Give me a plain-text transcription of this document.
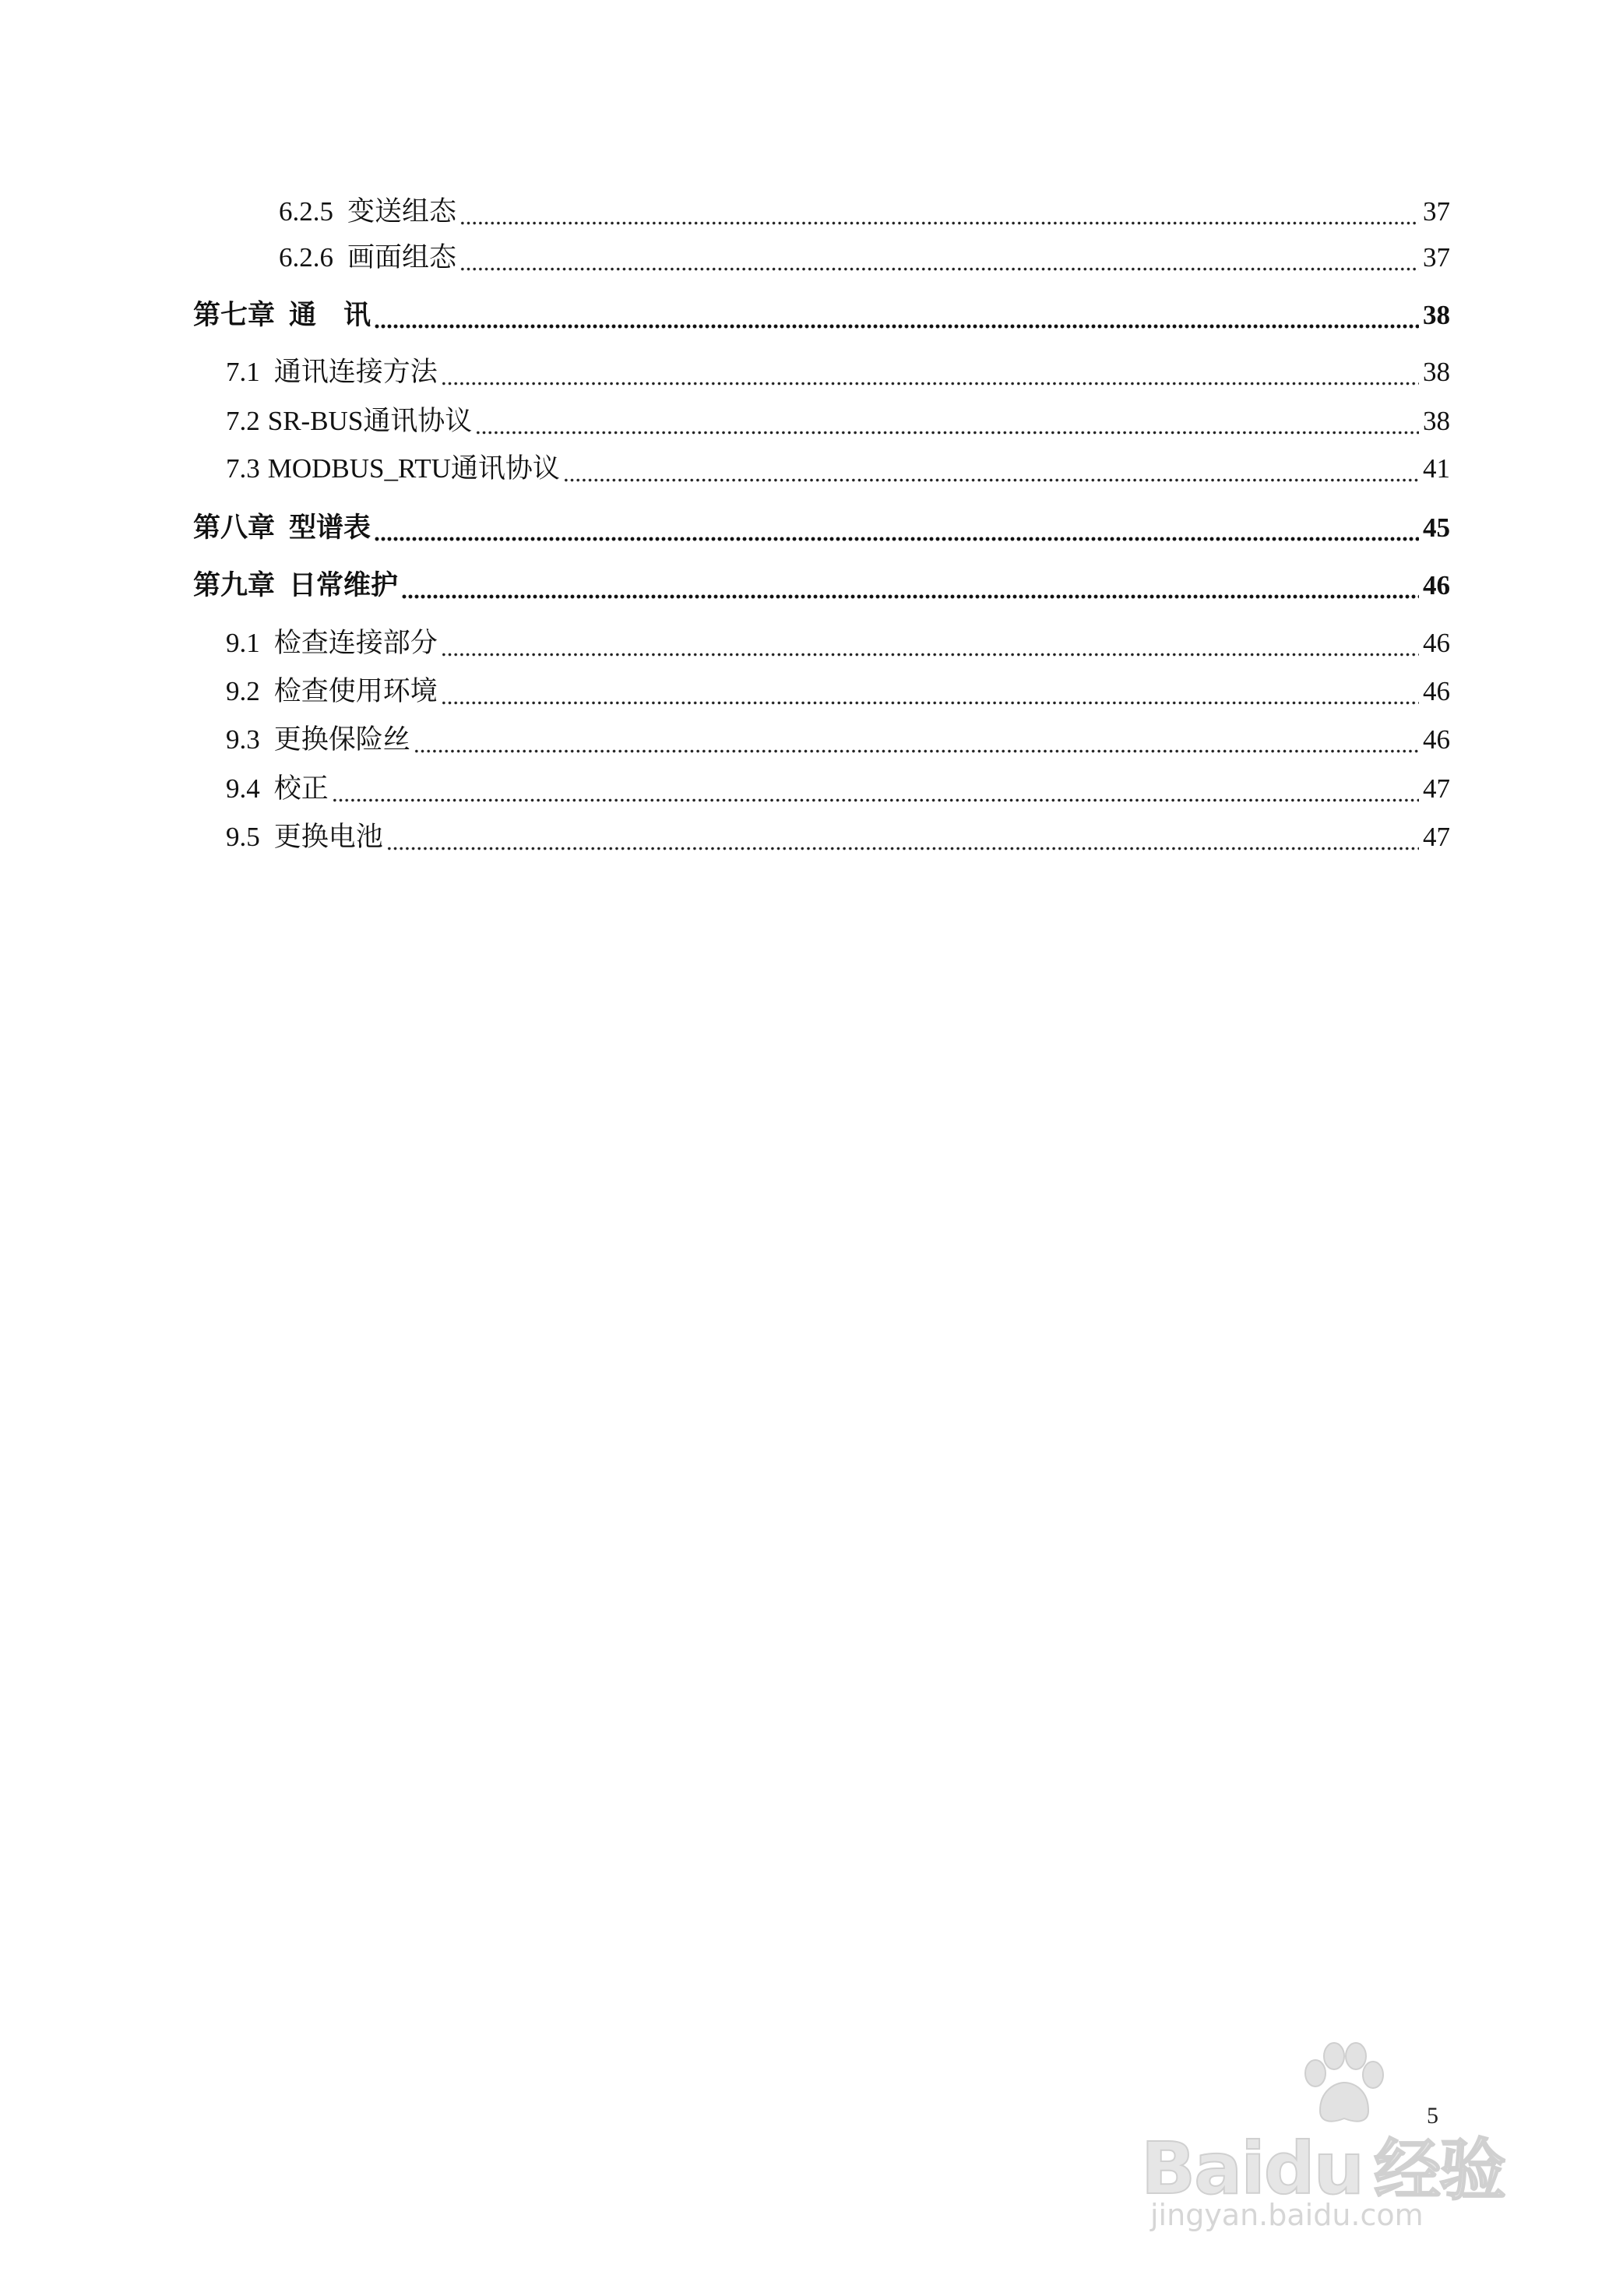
6.2.5 变送组态	37
6.2.6 画面组态	37
第七章 通　讯	38
7.1 通讯连接方法	38
7.2 SR-BUS通讯协议	38
7.3 MODBUS_RTU通讯协议	41
第八章 型谱表	45
第九章 日常维护	46
9.1 检查连接部分	46
9.2 检查使用环境	46
9.3 更换保险丝	46
9.4 校正	47
9.5 更换电池	47
5
Baidu 经验
jingyan.baidu.com
